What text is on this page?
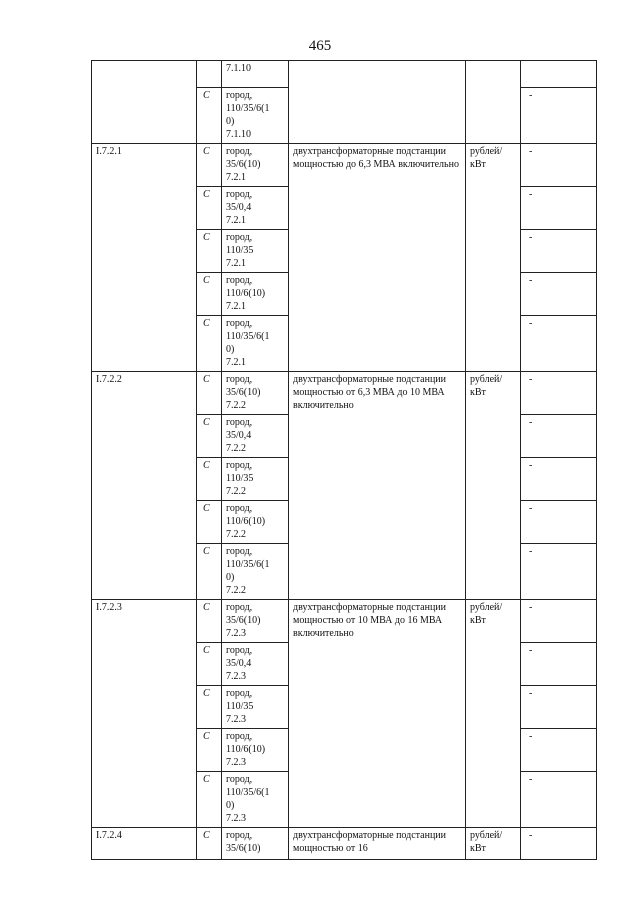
465

		7.1.10			

	С	город,
110/35/6(1
0)
7.1.10			-

I.7.2.1	С	город,
35/6(10)
7.2.1	двухтрансформаторные подстанции мощностью до 6,3 МВА включительно	рублей/
кВт	-

	С	город,
35/0,4
7.2.1			-

	С	город,
110/35
7.2.1			-

	С	город,
110/6(10)
7.2.1			-

	С	город,
110/35/6(1
0)
7.2.1			-

I.7.2.2	С	город,
35/6(10)
7.2.2	двухтрансформаторные подстанции мощностью от 6,3 МВА до 10 МВА включительно	рублей/
кВт	-

	С	город,
35/0,4
7.2.2			-

	С	город,
110/35
7.2.2			-

	С	город,
110/6(10)
7.2.2			-

	С	город,
110/35/6(1
0)
7.2.2			-

I.7.2.3	С	город,
35/6(10)
7.2.3	двухтрансформаторные подстанции мощностью от 10 МВА до 16 МВА включительно	рублей/
кВт	-

	С	город,
35/0,4
7.2.3			-

	С	город,
110/35
7.2.3			-

	С	город,
110/6(10)
7.2.3			-

	С	город,
110/35/6(1
0)
7.2.3			-

I.7.2.4	С	город,
35/6(10)	двухтрансформаторные подстанции мощностью от 16	рублей/
кВт	-
